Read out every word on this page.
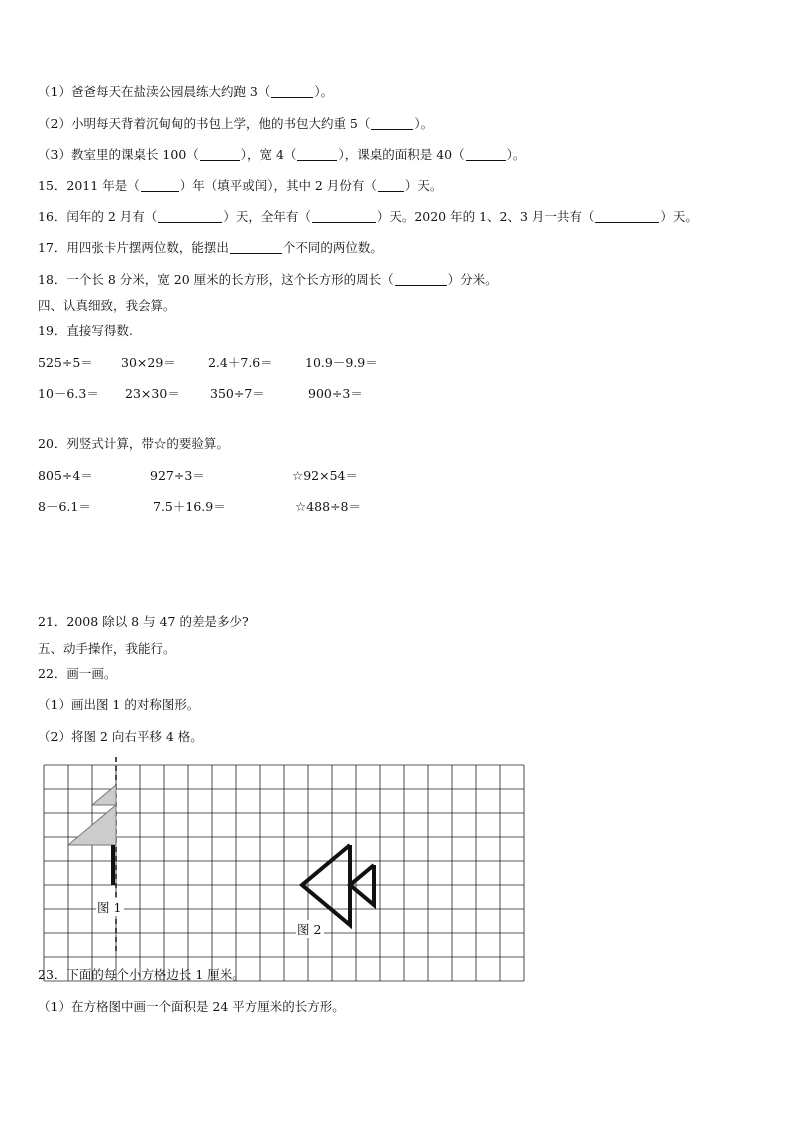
（1）爸爸每天在盐渎公园晨练大约跑 3（	）。
（2）小明每天背着沉甸甸的书包上学，他的书包大约重 5（	）。
（3）教室里的课桌长 100（	），宽 4（	），课桌的面积是 40（	）。
15．2011 年是（	）年（填平或闰），其中 2 月份有（ ）天。
16．闰年的 2 月有（	）天，全年有（	）天。2020 年的 1、2、3 月一共有（	）天。
17．用四张卡片摆两位数，能摆出	个不同的两位数。
18．一个长 8 分米，宽 20 厘米的长方形，这个长方形的周长（	）分米。
四、认真细致，我会算。
19．直接写得数.
525÷5＝ 30×29＝	2.4＋7.6＝	10.9－9.9＝
10－6.3＝ 23×30＝ 350÷7＝	900÷3＝
20．列竖式计算，带☆的要验算。
805÷4＝	927÷3＝	☆92×54＝
8－6.1＝	7.5＋16.9＝	☆488÷8＝
21．2008 除以 8 与 47 的差是多少?
五、动手操作，我能行。
22．画一画。
（1）画出图 1 的对称图形。
（2）将图 2 向右平移 4 格。
图 1
图 2
23．下面的每个小方格边长 1 厘米。
（1）在方格图中画一个面积是 24 平方厘米的长方形。
